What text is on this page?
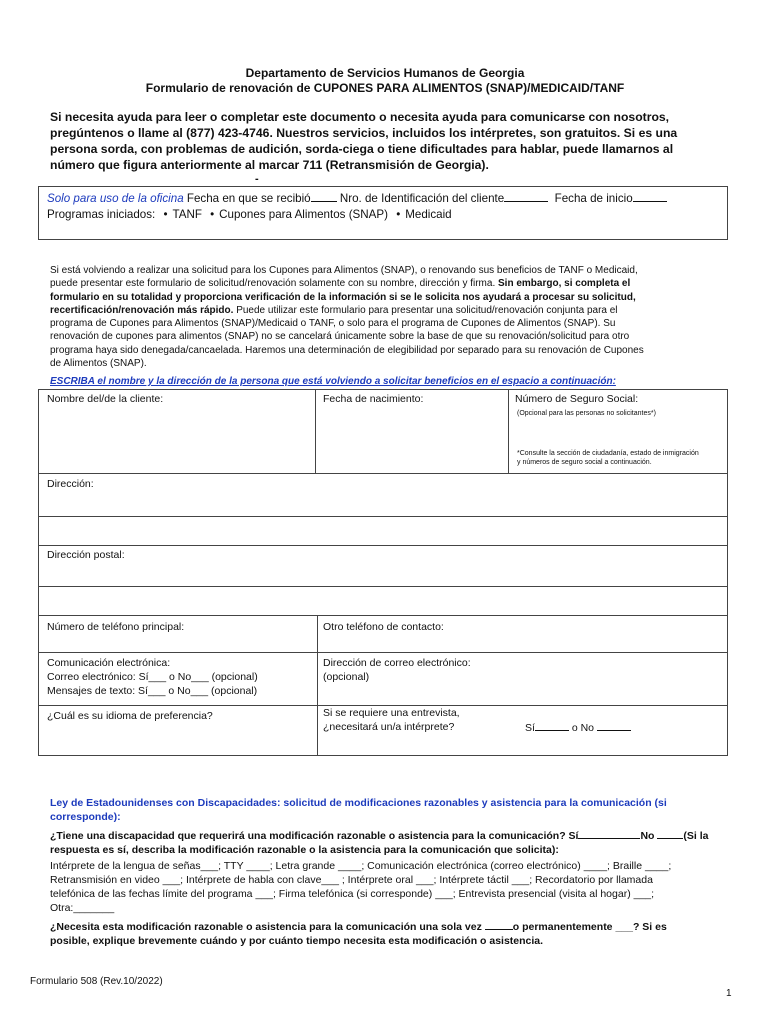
Departamento de Servicios Humanos de Georgia
Formulario de renovación de CUPONES PARA ALIMENTOS (SNAP)/MEDICAID/TANF
Si necesita ayuda para leer o completar este documento o necesita ayuda para comunicarse con nosotros,
pregúntenos o llame al (877) 423-4746. Nuestros servicios, incluidos los intérpretes, son gratuitos. Si es una
persona sorda, con problemas de audición, sorda-ciega o tiene dificultades para hablar, puede llamarnos al
número que figura anteriormente al marcar 711 (Retransmisión de Georgia).
-
Solo para uso de la oficina Fecha en que se recibió	Nro. de Identificación del cliente	Fecha de inicio
Programas iniciados: • TANF • Cupones para Alimentos (SNAP) • Medicaid
Si está volviendo a realizar una solicitud para los Cupones para Alimentos (SNAP), o renovando sus beneficios de TANF o Medicaid,
puede presentar este formulario de solicitud/renovación solamente con su nombre, dirección y firma. Sin embargo, si completa el
formulario en su totalidad y proporciona verificación de la información si se le solicita nos ayudará a procesar su solicitud,
recertificación/renovación más rápido. Puede utilizar este formulario para presentar una solicitud/renovación conjunta para el
programa de Cupones para Alimentos (SNAP)/Medicaid o TANF, o solo para el programa de Cupones de Alimentos (SNAP). Su
renovación de cupones para alimentos (SNAP) no se cancelará únicamente sobre la base de que su renovación/solicitud para otro
programa haya sido denegada/cancaelada. Haremos una determinación de elegibilidad por separado para su renovación de Cupones
de Alimentos (SNAP).
ESCRIBA el nombre y la dirección de la persona que está volviendo a solicitar beneficios en el espacio a continuación:
Nombre del/de la cliente:	Fecha de nacimiento:	Número de Seguro Social:
(Opcional para las personas no solicitantes*)
*Consulte la sección de ciudadanía, estado de inmigración
y números de seguro social a continuación.
Dirección:
Dirección postal:
Número de teléfono principal:	Otro teléfono de contacto:
Comunicación electrónica:
Correo electrónico: Sí___ o No___ (opcional)
Mensajes de texto: Sí___ o No___ (opcional)
Dirección de correo electrónico:
(opcional)
¿Cuál es su idioma de preferencia?	Si se requiere una entrevista,
¿necesitará un/a intérprete?	Sí	o No
Ley de Estadounidenses con Discapacidades: solicitud de modificaciones razonables y asistencia para la comunicación (si
corresponde):
¿Tiene una discapacidad que requerirá una modificación razonable o asistencia para la comunicación? Sí	No	(Si la
respuesta es sí, describa la modificación razonable o la asistencia para la comunicación que solicita):
Intérprete de la lengua de señas___; TTY ____; Letra grande ____; Comunicación electrónica (correo electrónico) ____; Braille ____;
Retransmisión en video ___; Intérprete de habla con clave___ ; Intérprete oral ___; Intérprete táctil ___; Recordatorio por llamada
telefónica de las fechas límite del programa ___; Firma telefónica (si corresponde) ___; Entrevista presencial (visita al hogar) ___;
Otra:_______
¿Necesita esta modificación razonable o asistencia para la comunicación una sola vez	o permanentemente ___? Si es
posible, explique brevemente cuándo y por cuánto tiempo necesita esta modificación o asistencia.
Formulario 508 (Rev.10/2022)
1
